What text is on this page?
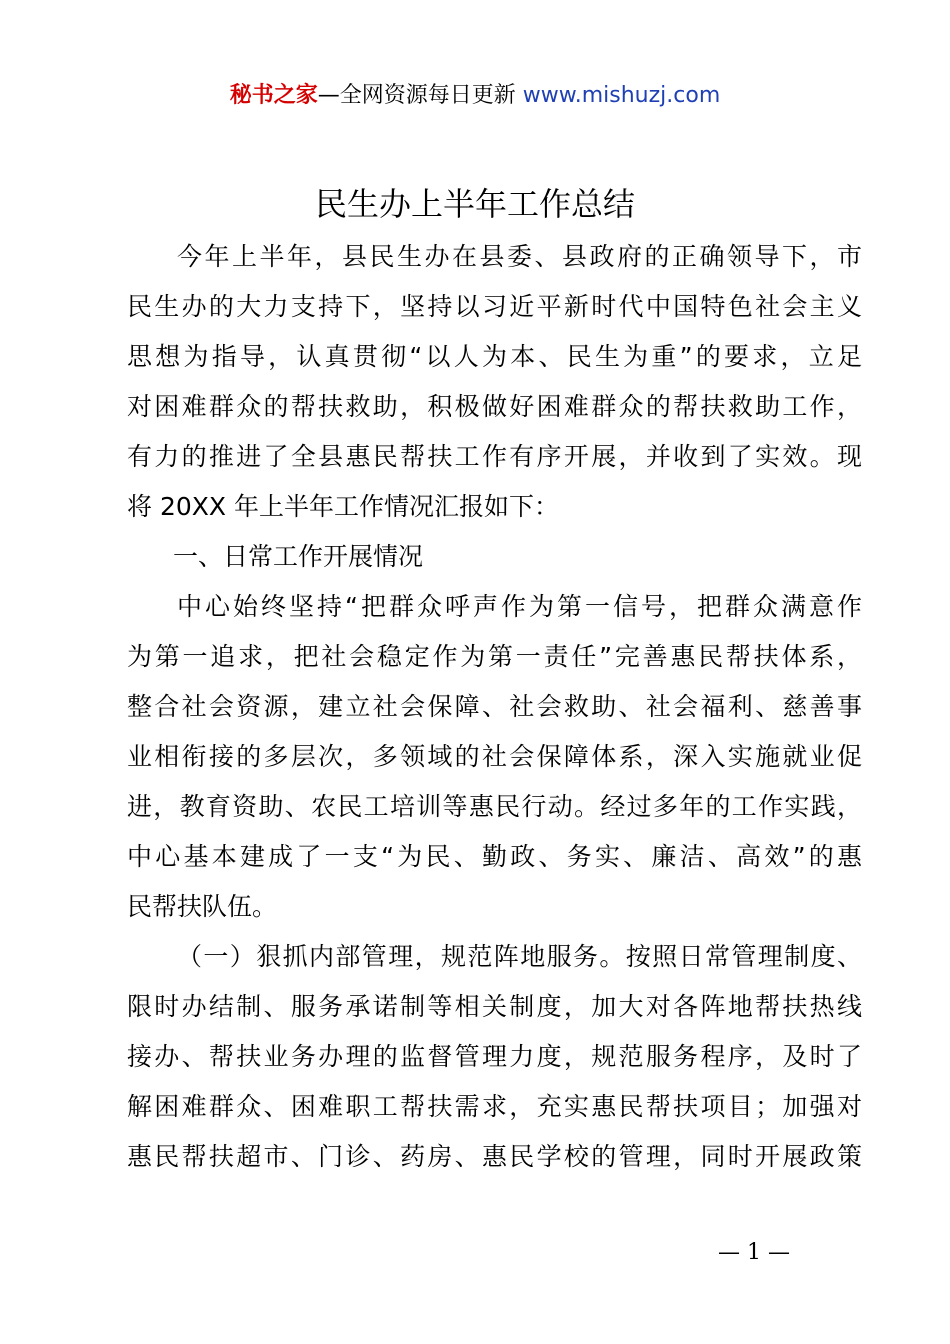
秘书之家—全网资源每日更新 www.mishuzj.com
民生办上半年工作总结
今年上半年，县民生办在县委、县政府的正确领导下，市
民生办的大力支持下，坚持以习近平新时代中国特色社会主义
思想为指导，认真贯彻“以人为本、民生为重”的要求，立足
对困难群众的帮扶救助，积极做好困难群众的帮扶救助工作，
有力的推进了全县惠民帮扶工作有序开展，并收到了实效。现
将 20XX 年上半年工作情况汇报如下：
一、日常工作开展情况
中心始终坚持“把群众呼声作为第一信号，把群众满意作
为第一追求，把社会稳定作为第一责任”完善惠民帮扶体系，
整合社会资源，建立社会保障、社会救助、社会福利、慈善事
业相衔接的多层次，多领域的社会保障体系，深入实施就业促
进，教育资助、农民工培训等惠民行动。经过多年的工作实践，
中心基本建成了一支“为民、勤政、务实、廉洁、高效”的惠
民帮扶队伍。
（一）狠抓内部管理，规范阵地服务。按照日常管理制度、
限时办结制、服务承诺制等相关制度，加大对各阵地帮扶热线
接办、帮扶业务办理的监督管理力度，规范服务程序，及时了
解困难群众、困难职工帮扶需求，充实惠民帮扶项目；加强对
惠民帮扶超市、门诊、药房、惠民学校的管理，同时开展政策
— 1 —
